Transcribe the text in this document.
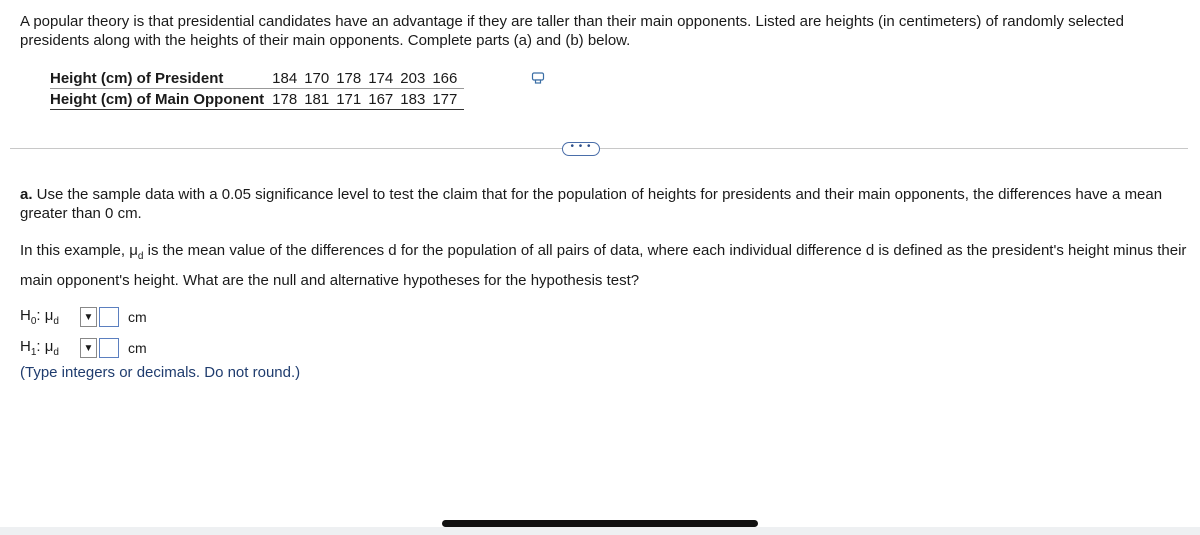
A popular theory is that presidential candidates have an advantage if they are taller than their main opponents. Listed are heights (in centimeters) of randomly selected presidents along with the heights of their main opponents. Complete parts (a) and (b) below.
Height (cm) of President	184	170	178	174	203	166
Height (cm) of Main Opponent	178	181	171	167	183	177
• • •
a. Use the sample data with a 0.05 significance level to test the claim that for the population of heights for presidents and their main opponents, the differences have a mean greater than 0 cm.
In this example, $\mu_d$ is the mean value of the differences d for the population of all pairs of data, where each individual difference d is defined as the president's height minus their main opponent's height. What are the null and alternative hypotheses for the hypothesis test?
$H_0$: $\mu_d$	▼ cm
$H_1$: $\mu_d$	▼ cm
(Type integers or decimals. Do not round.)
